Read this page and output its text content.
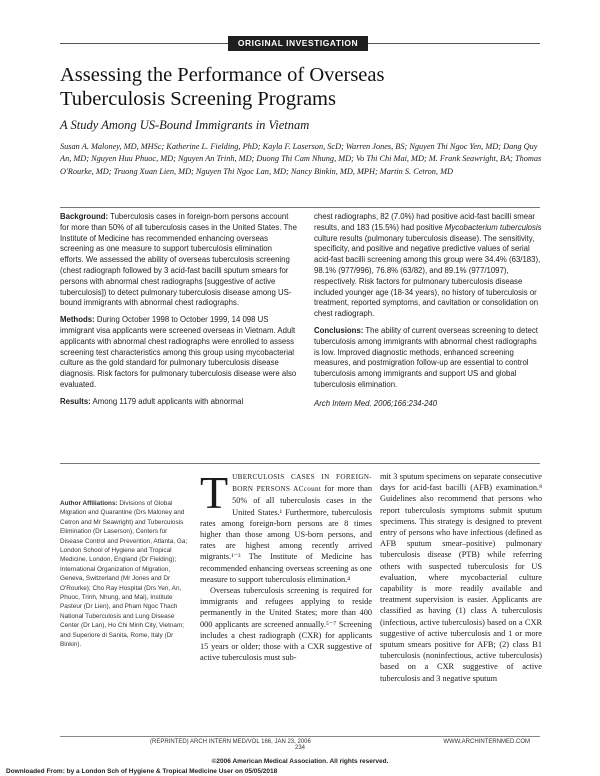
ORIGINAL INVESTIGATION
Assessing the Performance of Overseas
Tuberculosis Screening Programs
A Study Among US-Bound Immigrants in Vietnam
Susan A. Maloney, MD, MHSc; Katherine L. Fielding, PhD; Kayla F. Laserson, ScD; Warren Jones, BS; Nguyen Thi Ngoc Yen, MD; Dang Quy An, MD; Nguyen Huu Phuoc, MD; Nguyen An Trinh, MD; Duong Thi Cam Nhung, MD; Vo Thi Chi Mai, MD; M. Frank Seawright, BA; Thomas O'Rourke, MD; Truong Xuan Lien, MD; Nguyen Thi Ngoc Lan, MD; Nancy Binkin, MD, MPH; Martin S. Cetron, MD

Background: Tuberculosis cases in foreign-born persons account for more than 50% of all tuberculosis cases in the United States. The Institute of Medicine has recommended enhancing overseas screening as one measure to support tuberculosis elimination efforts. We assessed the ability of overseas tuberculosis screening (chest radiograph followed by 3 acid-fast bacilli sputum smears for persons with abnormal chest radiographs [suggestive of active tuberculosis]) to detect pulmonary tuberculosis disease among US-bound immigrants with abnormal chest radiographs.

Methods: During October 1998 to October 1999, 14 098 US immigrant visa applicants were screened overseas in Vietnam. Adult applicants with abnormal chest radiographs were enrolled to assess screening test characteristics among this group using mycobacterial culture as the gold standard for pulmonary tuberculosis disease diagnosis. Risk factors for pulmonary tuberculosis disease were also evaluated.

Results: Among 1179 adult applicants with abnormal

chest radiographs, 82 (7.0%) had positive acid-fast bacilli smear results, and 183 (15.5%) had positive Mycobacterium tuberculosis culture results (pulmonary tuberculosis disease). The sensitivity, specificity, and positive and negative predictive values of serial acid-fast bacilli screening among this group were 34.4% (63/183), 98.1% (977/996), 76.8% (63/82), and 89.1% (977/1097), respectively. Risk factors for pulmonary tuberculosis disease included younger age (18-34 years), no history of tuberculosis or treatment, reported symptoms, and cavitation or consolidation on chest radiograph.

Conclusions: The ability of current overseas screening to detect tuberculosis among immigrants with abnormal chest radiographs is low. Improved diagnostic methods, enhanced screening measures, and postmigration follow-up are essential to control tuberculosis among immigrants and support US and global tuberculosis elimination.

Arch Intern Med. 2006;166:234-240

Author Affiliations: Divisions of Global Migration and Quarantine (Drs Maloney and Cetron and Mr Seawright) and Tuberculosis Elimination (Dr Laserson), Centers for Disease Control and Prevention, Atlanta, Ga; London School of Hygiene and Tropical Medicine, London, England (Dr Fielding); International Organization of Migration, Geneva, Switzerland (Mr Jones and Dr O'Rourke); Cho Ray Hospital (Drs Yen, An, Phuoc, Trinh, Nhung, and Mai), Institute Pasteur (Dr Lien), and Pham Ngoc Thach National Tuberculosis and Lung Disease Center (Dr Lan), Ho Chi Minh City, Vietnam; and Superiore di Sanita, Rome, Italy (Dr Binkin).

TUBERCULOSIS CASES IN FOREIGN-BORN PERSONS ACcount for more than 50% of all tuberculosis cases in the United States.¹ Furthermore, tuberculosis rates among foreign-born persons are 8 times higher than those among US-born persons, and rates are highest among recently arrived migrants.¹⁻³ The Institute of Medicine has recommended enhancing overseas screening as one measure to support tuberculosis elimination.⁴

Overseas tuberculosis screening is required for immigrants and refugees applying to reside permanently in the United States; more than 400 000 applicants are screened annually.⁵⁻⁷ Screening includes a chest radiograph (CXR) for applicants 15 years or older; those with a CXR suggestive of active tuberculosis must sub-

mit 3 sputum specimens on separate consecutive days for acid-fast bacilli (AFB) examination.⁸ Guidelines also recommend that persons who report tuberculosis symptoms submit sputum specimens. This strategy is designed to prevent entry of persons who have infectious (defined as AFB sputum smear–positive) pulmonary tuberculosis disease (PTB) while referring others with suspected tuberculosis for US evaluation, where mycobacterial culture capability is more readily available and treatment supervision is easier. Applicants are classified as having (1) class A tuberculosis (infectious, active tuberculosis) based on a CXR suggestive of active tuberculosis and 1 or more sputum smears positive for AFB; (2) class B1 tuberculosis (noninfectious, active tuberculosis) based on a CXR suggestive of active tuberculosis and 3 negative sputum

(REPRINTED) ARCH INTERN MED/VOL 166, JAN 23, 2006	WWW.ARCHINTERNMED.COM
234
©2006 American Medical Association. All rights reserved.
Downloaded From: by a London Sch of Hygiene & Tropical Medicine User on 05/05/2018
